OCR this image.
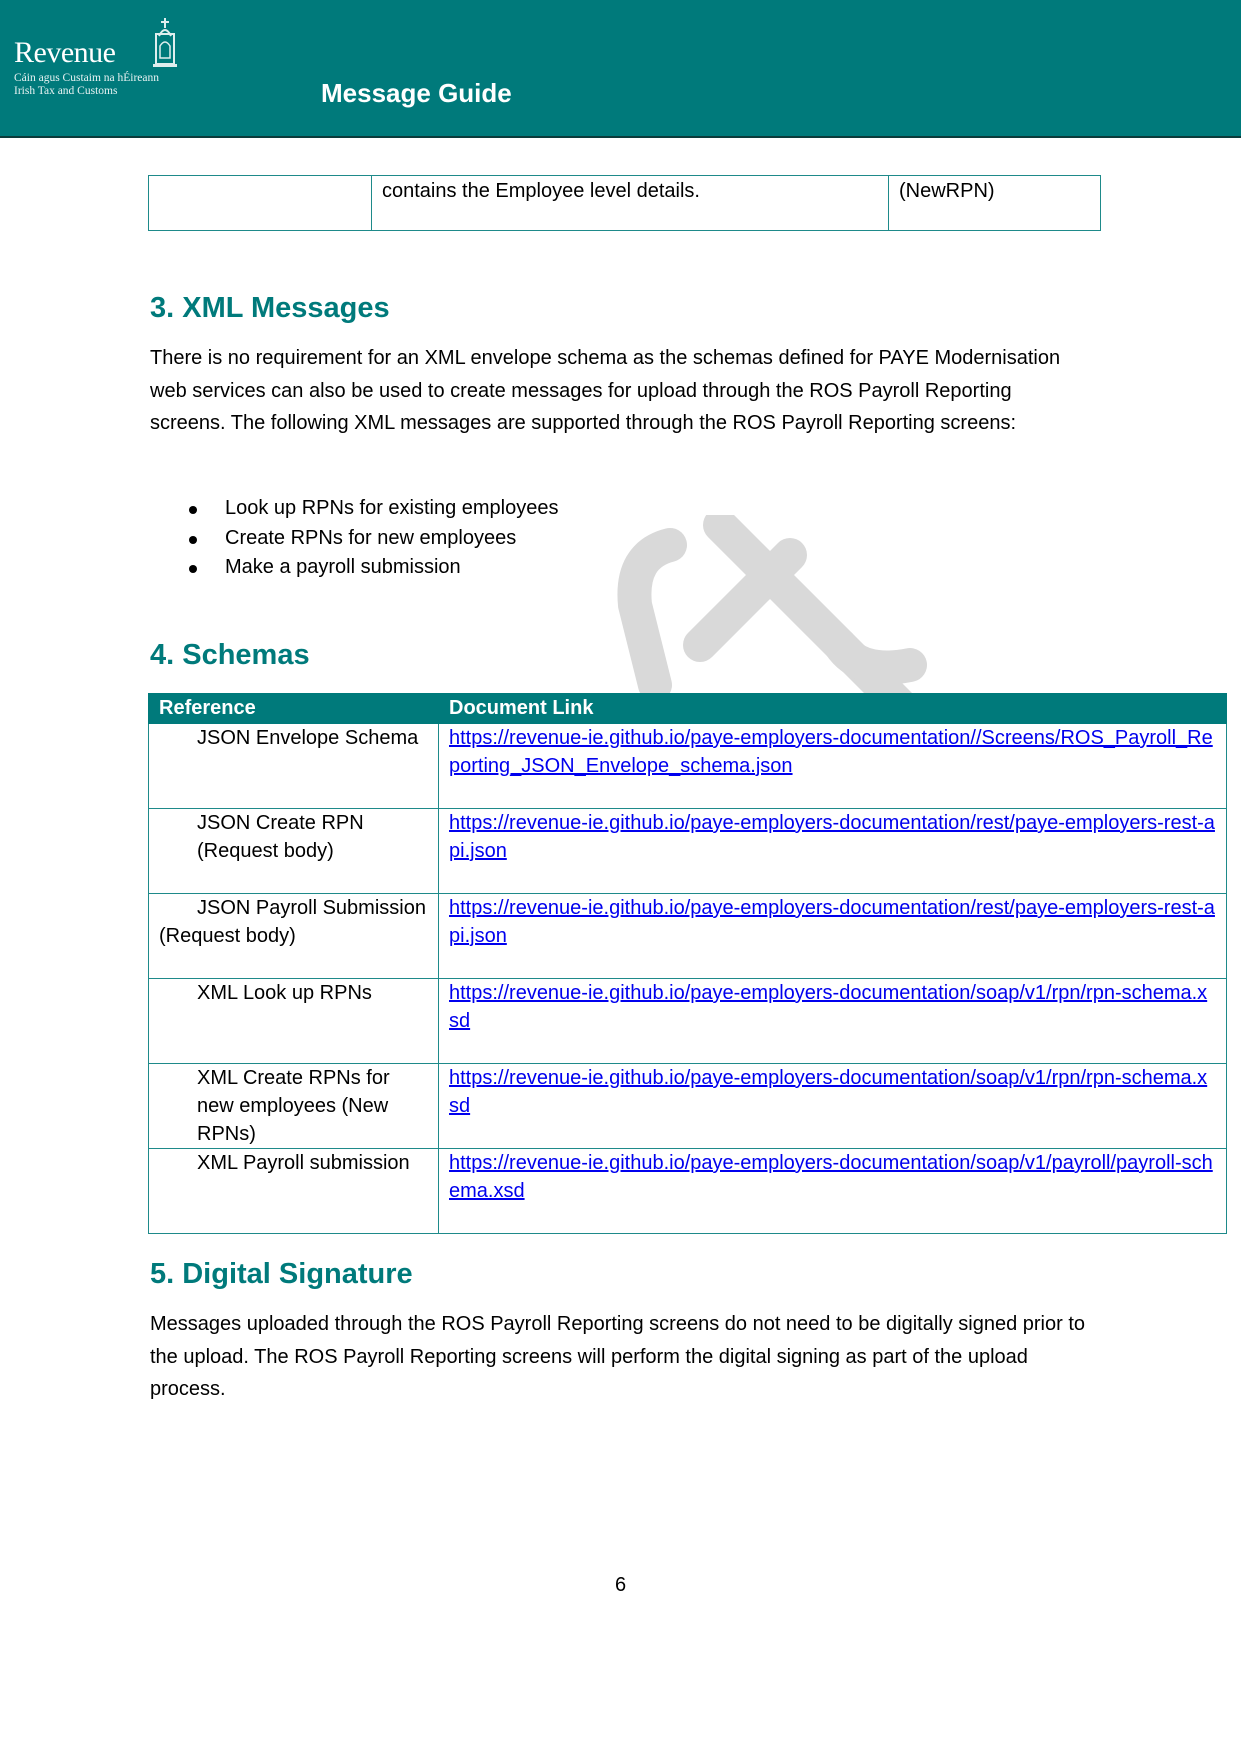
Revenue
Cáin agus Custaim na hÉireann
Irish Tax and Customs	Message Guide
	contains the Employee level details.	(NewRPN)
3. XML Messages

There is no requirement for an XML envelope schema as the schemas defined for PAYE Modernisation web services can also be used to create messages for upload through the ROS Payroll Reporting screens. The following XML messages are supported through the ROS Payroll Reporting screens:

Look up RPNs for existing employees
Create RPNs for new employees
Make a payroll submission
4. Schemas
Reference	Document Link

JSON Envelope Schema	https://revenue-ie.github.io/paye-employers-documentation//Screens/ROS_Payroll_Reporting_JSON_Envelope_schema.json

JSON Create RPN (Request body)	https://revenue-ie.github.io/paye-employers-documentation/rest/paye-employers-rest-api.json

JSON Payroll Submission (Request body)	https://revenue-ie.github.io/paye-employers-documentation/rest/paye-employers-rest-api.json

XML Look up RPNs	https://revenue-ie.github.io/paye-employers-documentation/soap/v1/rpn/rpn-schema.xsd

XML Create RPNs for new employees (New RPNs)	https://revenue-ie.github.io/paye-employers-documentation/soap/v1/rpn/rpn-schema.xsd

XML Payroll submission	https://revenue-ie.github.io/paye-employers-documentation/soap/v1/payroll/payroll-schema.xsd
5. Digital Signature

Messages uploaded through the ROS Payroll Reporting screens do not need to be digitally signed prior to the upload. The ROS Payroll Reporting screens will perform the digital signing as part of the upload process.

6
